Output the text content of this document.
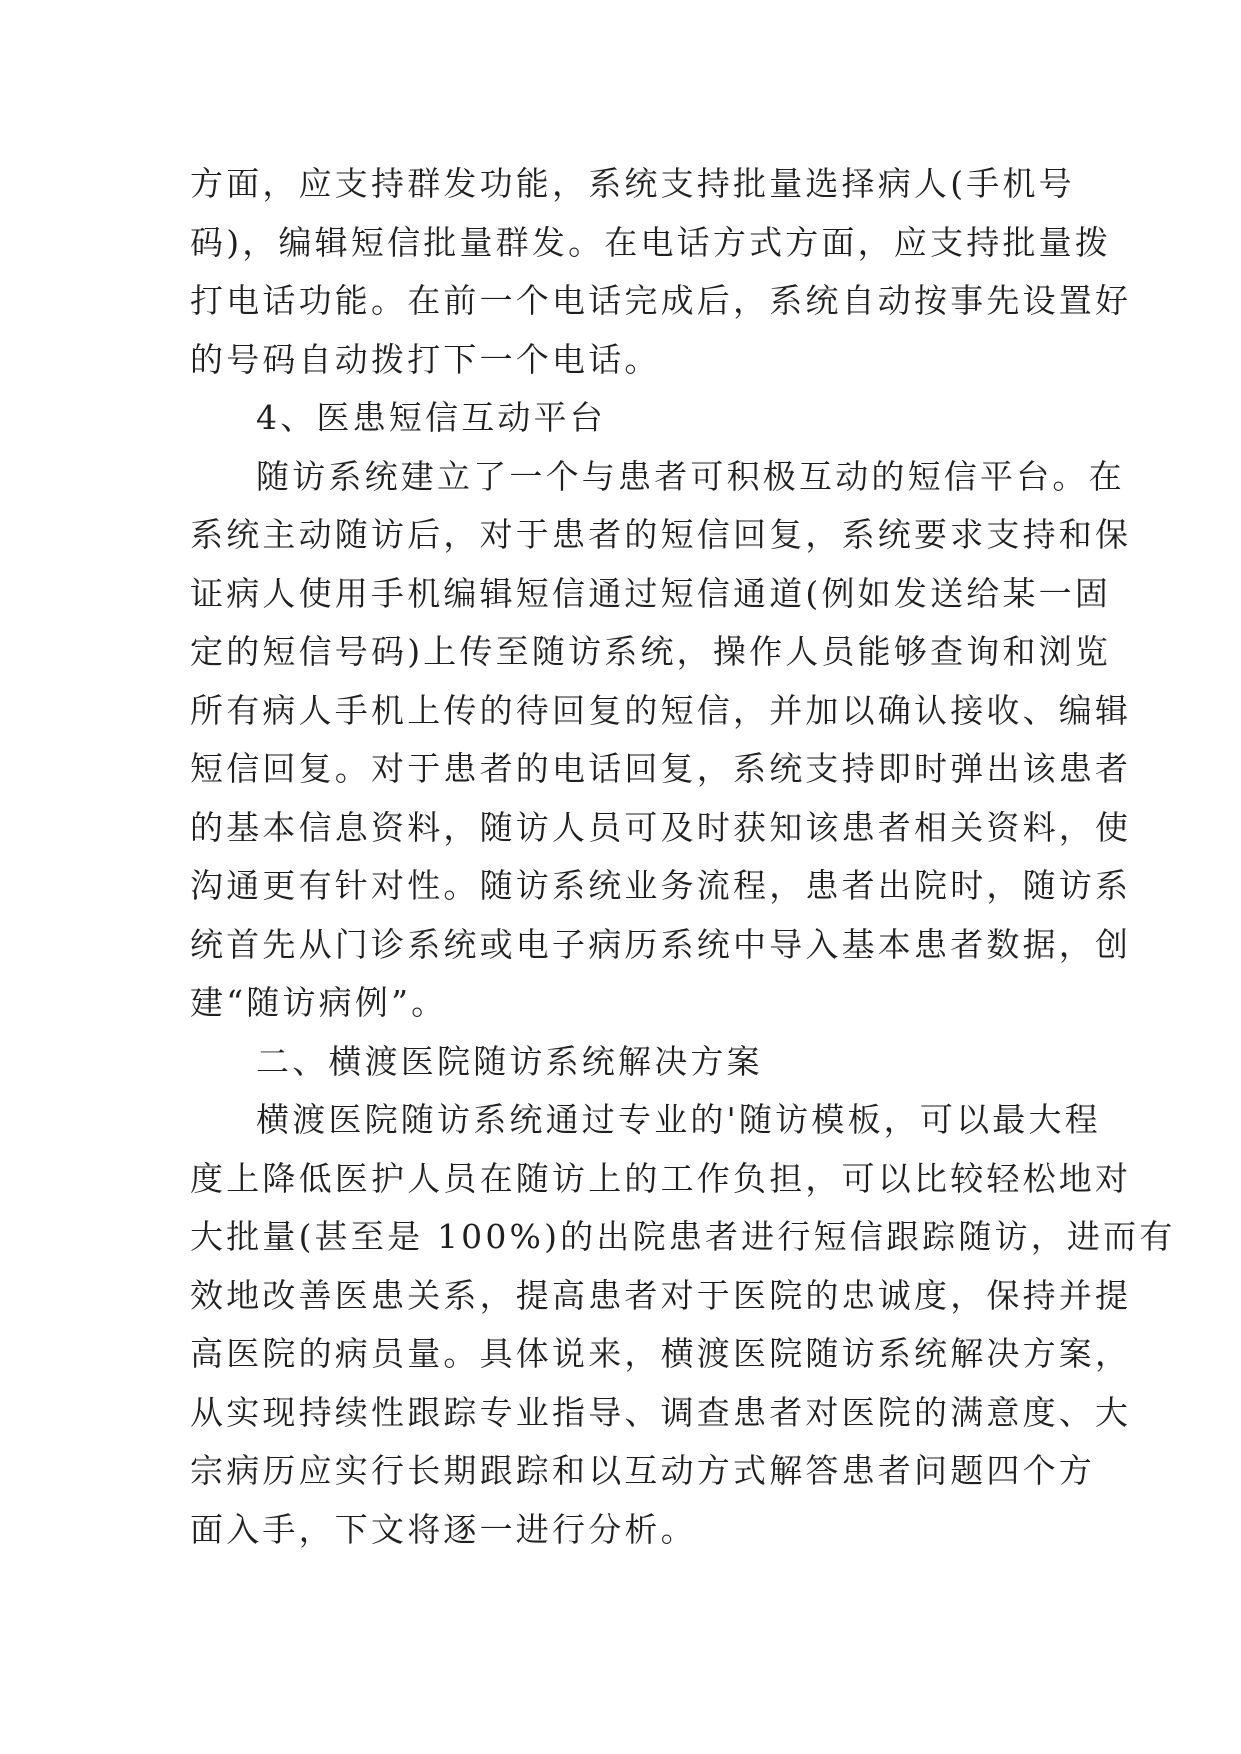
方面，应支持群发功能，系统支持批量选择病人(手机号
码)，编辑短信批量群发。在电话方式方面，应支持批量拨
打电话功能。在前一个电话完成后，系统自动按事先设置好
的号码自动拨打下一个电话。
4、医患短信互动平台
随访系统建立了一个与患者可积极互动的短信平台。在
系统主动随访后，对于患者的短信回复，系统要求支持和保
证病人使用手机编辑短信通过短信通道(例如发送给某一固
定的短信号码)上传至随访系统，操作人员能够查询和浏览
所有病人手机上传的待回复的短信，并加以确认接收、编辑
短信回复。对于患者的电话回复，系统支持即时弹出该患者
的基本信息资料，随访人员可及时获知该患者相关资料，使
沟通更有针对性。随访系统业务流程，患者出院时，随访系
统首先从门诊系统或电子病历系统中导入基本患者数据，创
建“随访病例”。
二、横渡医院随访系统解决方案
横渡医院随访系统通过专业的'随访模板，可以最大程
度上降低医护人员在随访上的工作负担，可以比较轻松地对
大批量(甚至是 100%)的出院患者进行短信跟踪随访，进而有
效地改善医患关系，提高患者对于医院的忠诚度，保持并提
高医院的病员量。具体说来，横渡医院随访系统解决方案，
从实现持续性跟踪专业指导、调查患者对医院的满意度、大
宗病历应实行长期跟踪和以互动方式解答患者问题四个方
面入手，下文将逐一进行分析。
